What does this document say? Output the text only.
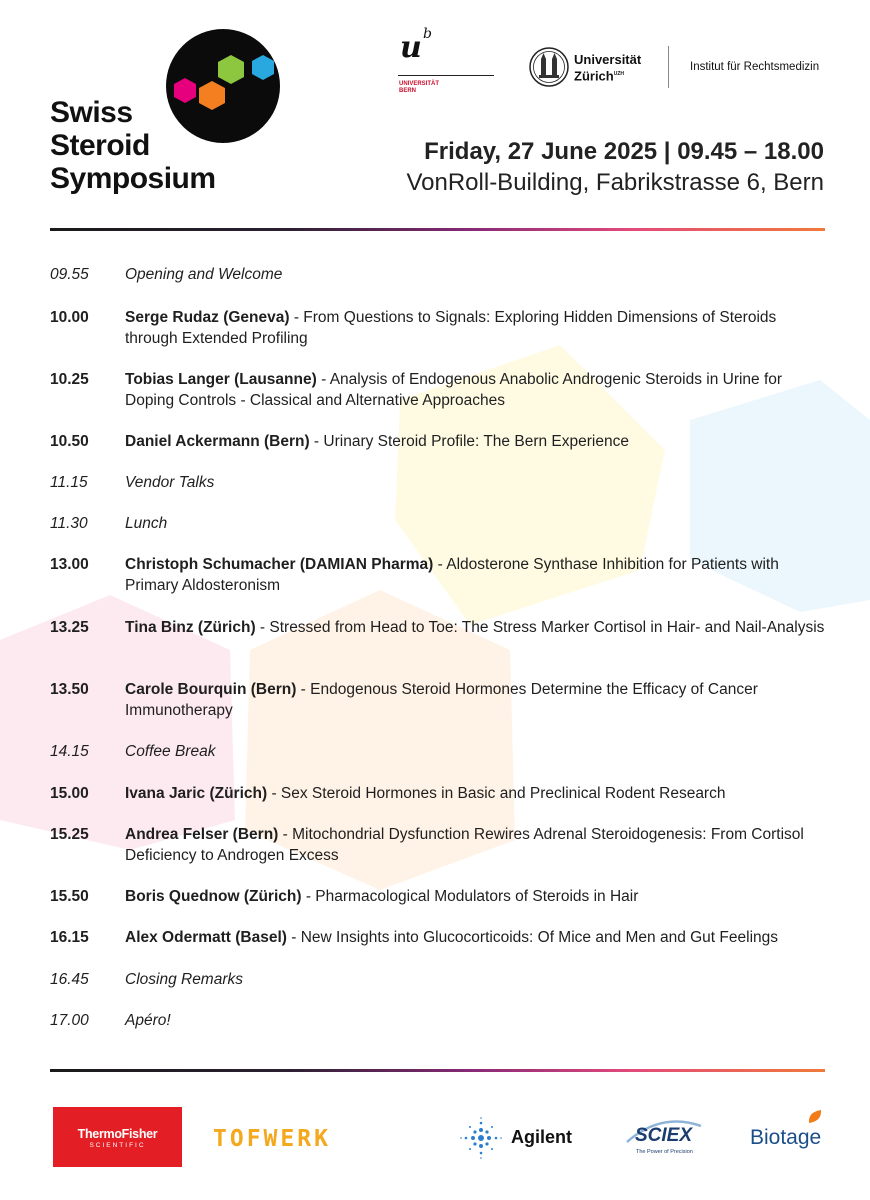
Swiss
Steroid
Symposium
u b
UNIVERSITÄT
BERN
Universität
Zürich$^{UZH}$
Institut für Rechtsmedizin
Friday, 27 June 2025 | 09.45 – 18.00
VonRoll-Building, Fabrikstrasse 6, Bern
09.55	Opening and Welcome
10.00	Serge Rudaz (Geneva) - From Questions to Signals: Exploring Hidden Dimensions of Steroids through Extended Profiling
10.25	Tobias Langer (Lausanne) - Analysis of Endogenous Anabolic Androgenic Steroids in Urine for Doping Controls - Classical and Alternative Approaches
10.50	Daniel Ackermann (Bern) - Urinary Steroid Profile: The Bern Experience
11.15	Vendor Talks
11.30	Lunch
13.00	Christoph Schumacher (DAMIAN Pharma) - Aldosterone Synthase Inhibition for Patients with Primary Aldosteronism
13.25	Tina Binz (Zürich) - Stressed from Head to Toe: The Stress Marker Cortisol in Hair- and Nail-Analysis
13.50	Carole Bourquin (Bern) - Endogenous Steroid Hormones Determine the Efficacy of Cancer Immunotherapy
14.15	Coffee Break
15.00	Ivana Jaric (Zürich) - Sex Steroid Hormones in Basic and Preclinical Rodent Research
15.25	Andrea Felser (Bern) - Mitochondrial Dysfunction Rewires Adrenal Steroidogenesis: From Cortisol Deficiency to Androgen Excess
15.50	Boris Quednow (Zürich) - Pharmacological Modulators of Steroids in Hair
16.15	Alex Odermatt (Basel) - New Insights into Glucocorticoids: Of Mice and Men and Gut Feelings
16.45	Closing Remarks
17.00	Apéro!
ThermoFisher
SCIENTIFIC	TOFWERK	Agilent	SCIEX
The Power of Precision
Biotage
